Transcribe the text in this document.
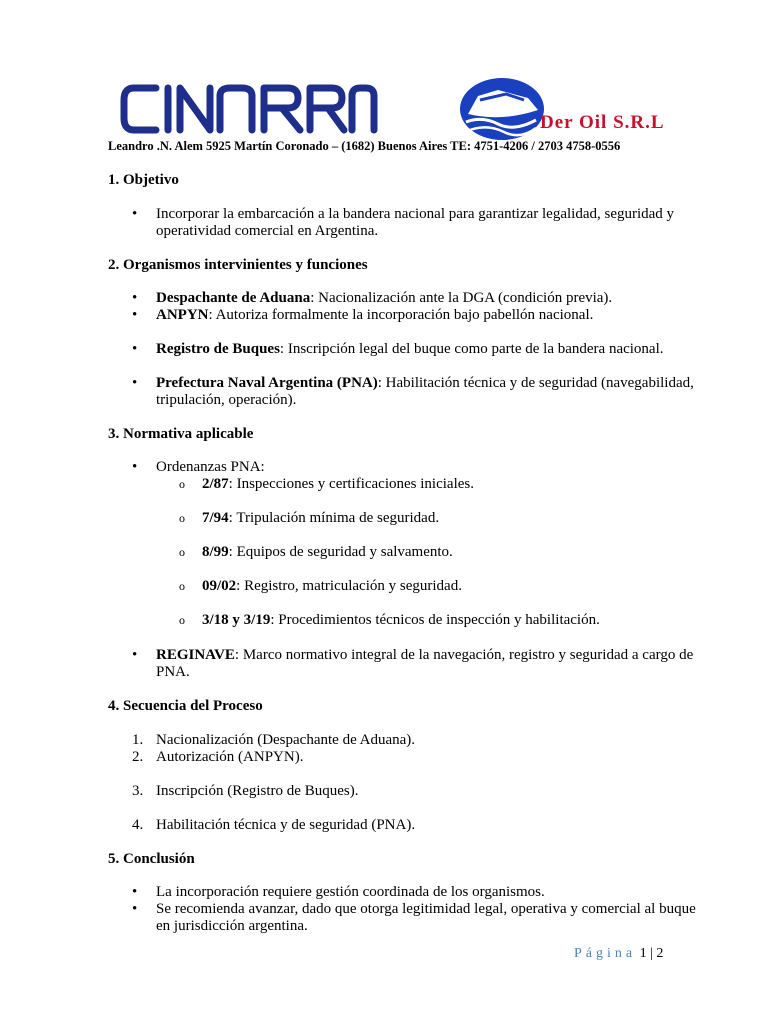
Der Oil S.R.L
Leandro .N. Alem 5925 Martín Coronado – (1682) Buenos Aires TE: 4751-4206 / 2703 4758-0556
1. Objetivo
• Incorporar la embarcación a la bandera nacional para garantizar legalidad, seguridad y operatividad comercial en Argentina.
2. Organismos intervinientes y funciones
• Despachante de Aduana: Nacionalización ante la DGA (condición previa).
• ANPYN: Autoriza formalmente la incorporación bajo pabellón nacional.
• Registro de Buques: Inscripción legal del buque como parte de la bandera nacional.
• Prefectura Naval Argentina (PNA): Habilitación técnica y de seguridad (navegabilidad, tripulación, operación).
3. Normativa aplicable
• Ordenanzas PNA:
o 2/87: Inspecciones y certificaciones iniciales.
o 7/94: Tripulación mínima de seguridad.
o 8/99: Equipos de seguridad y salvamento.
o 09/02: Registro, matriculación y seguridad.
o 3/18 y 3/19: Procedimientos técnicos de inspección y habilitación.
• REGINAVE: Marco normativo integral de la navegación, registro y seguridad a cargo de PNA.
4. Secuencia del Proceso
1. Nacionalización (Despachante de Aduana).
2. Autorización (ANPYN).
3. Inscripción (Registro de Buques).
4. Habilitación técnica y de seguridad (PNA).
5. Conclusión
• La incorporación requiere gestión coordinada de los organismos.
• Se recomienda avanzar, dado que otorga legitimidad legal, operativa y comercial al buque en jurisdicción argentina.
Página 1 | 2
